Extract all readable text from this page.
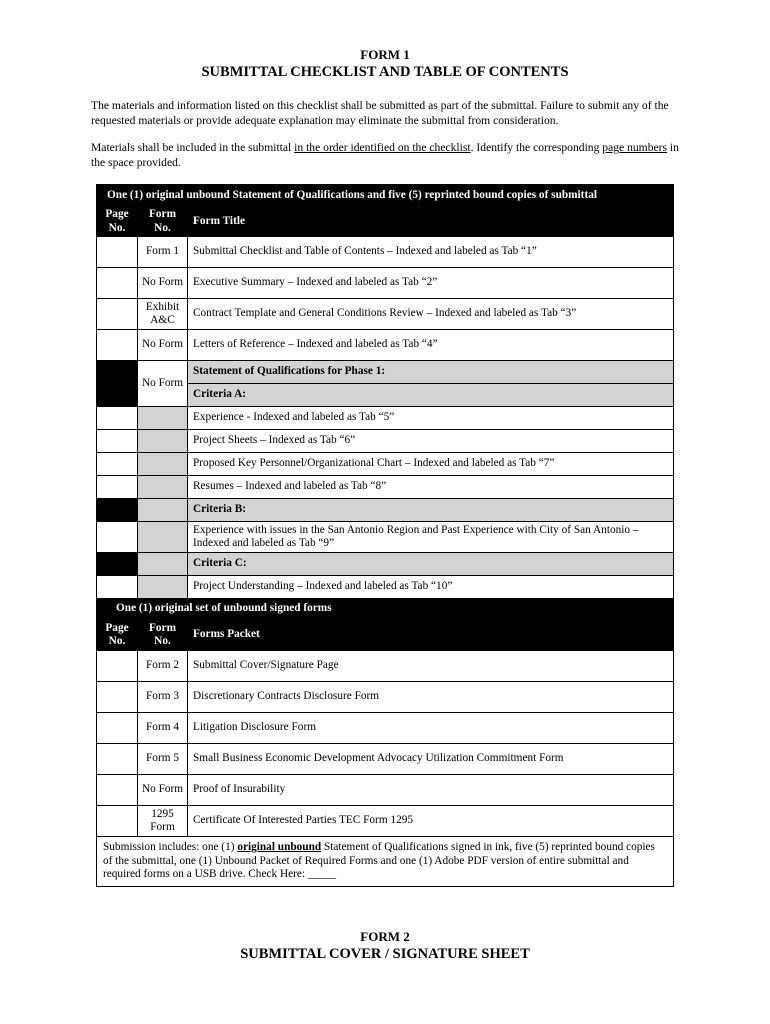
FORM 1
SUBMITTAL CHECKLIST AND TABLE OF CONTENTS
The materials and information listed on this checklist shall be submitted as part of the submittal. Failure to submit any of the requested materials or provide adequate explanation may eliminate the submittal from consideration.
Materials shall be included in the submittal in the order identified on the checklist. Identify the corresponding page numbers in the space provided.
One (1) original unbound Statement of Qualifications and five (5) reprinted bound copies of submittal		
Page No.	Form No.	Form Title
	Form 1	Submittal Checklist and Table of Contents – Indexed and labeled as Tab “1”
	No Form	Executive Summary – Indexed and labeled as Tab “2”
	Exhibit A&C	Contract Template and General Conditions Review – Indexed and labeled as Tab “3”
	No Form	Letters of Reference – Indexed and labeled as Tab “4”
	No Form	Statement of Qualifications for Phase 1:
		Criteria A:
		Experience - Indexed and labeled as Tab “5”
		Project Sheets – Indexed as Tab “6”
		Proposed Key Personnel/Organizational Chart – Indexed and labeled as Tab “7”
		Resumes – Indexed and labeled as Tab “8”
		Criteria B:
		Experience with issues in the San Antonio Region and Past Experience with City of San Antonio – Indexed and labeled as Tab “9”
		Criteria C:
		Project Understanding – Indexed and labeled as Tab “10”
One (1) original set of unbound signed forms		
Page No.	Form No.	Forms Packet
	Form 2	Submittal Cover/Signature Page
	Form 3	Discretionary Contracts Disclosure Form
	Form 4	Litigation Disclosure Form
	Form 5	Small Business Economic Development Advocacy Utilization Commitment Form
	No Form	Proof of Insurability
	1295 Form	Certificate Of Interested Parties TEC Form 1295
Submission includes: one (1) original unbound Statement of Qualifications signed in ink, five (5) reprinted bound copies of the submittal, one (1) Unbound Packet of Required Forms and one (1) Adobe PDF version of entire submittal and required forms on a USB drive. Check Here: _____		
FORM 2
SUBMITTAL COVER / SIGNATURE SHEET
